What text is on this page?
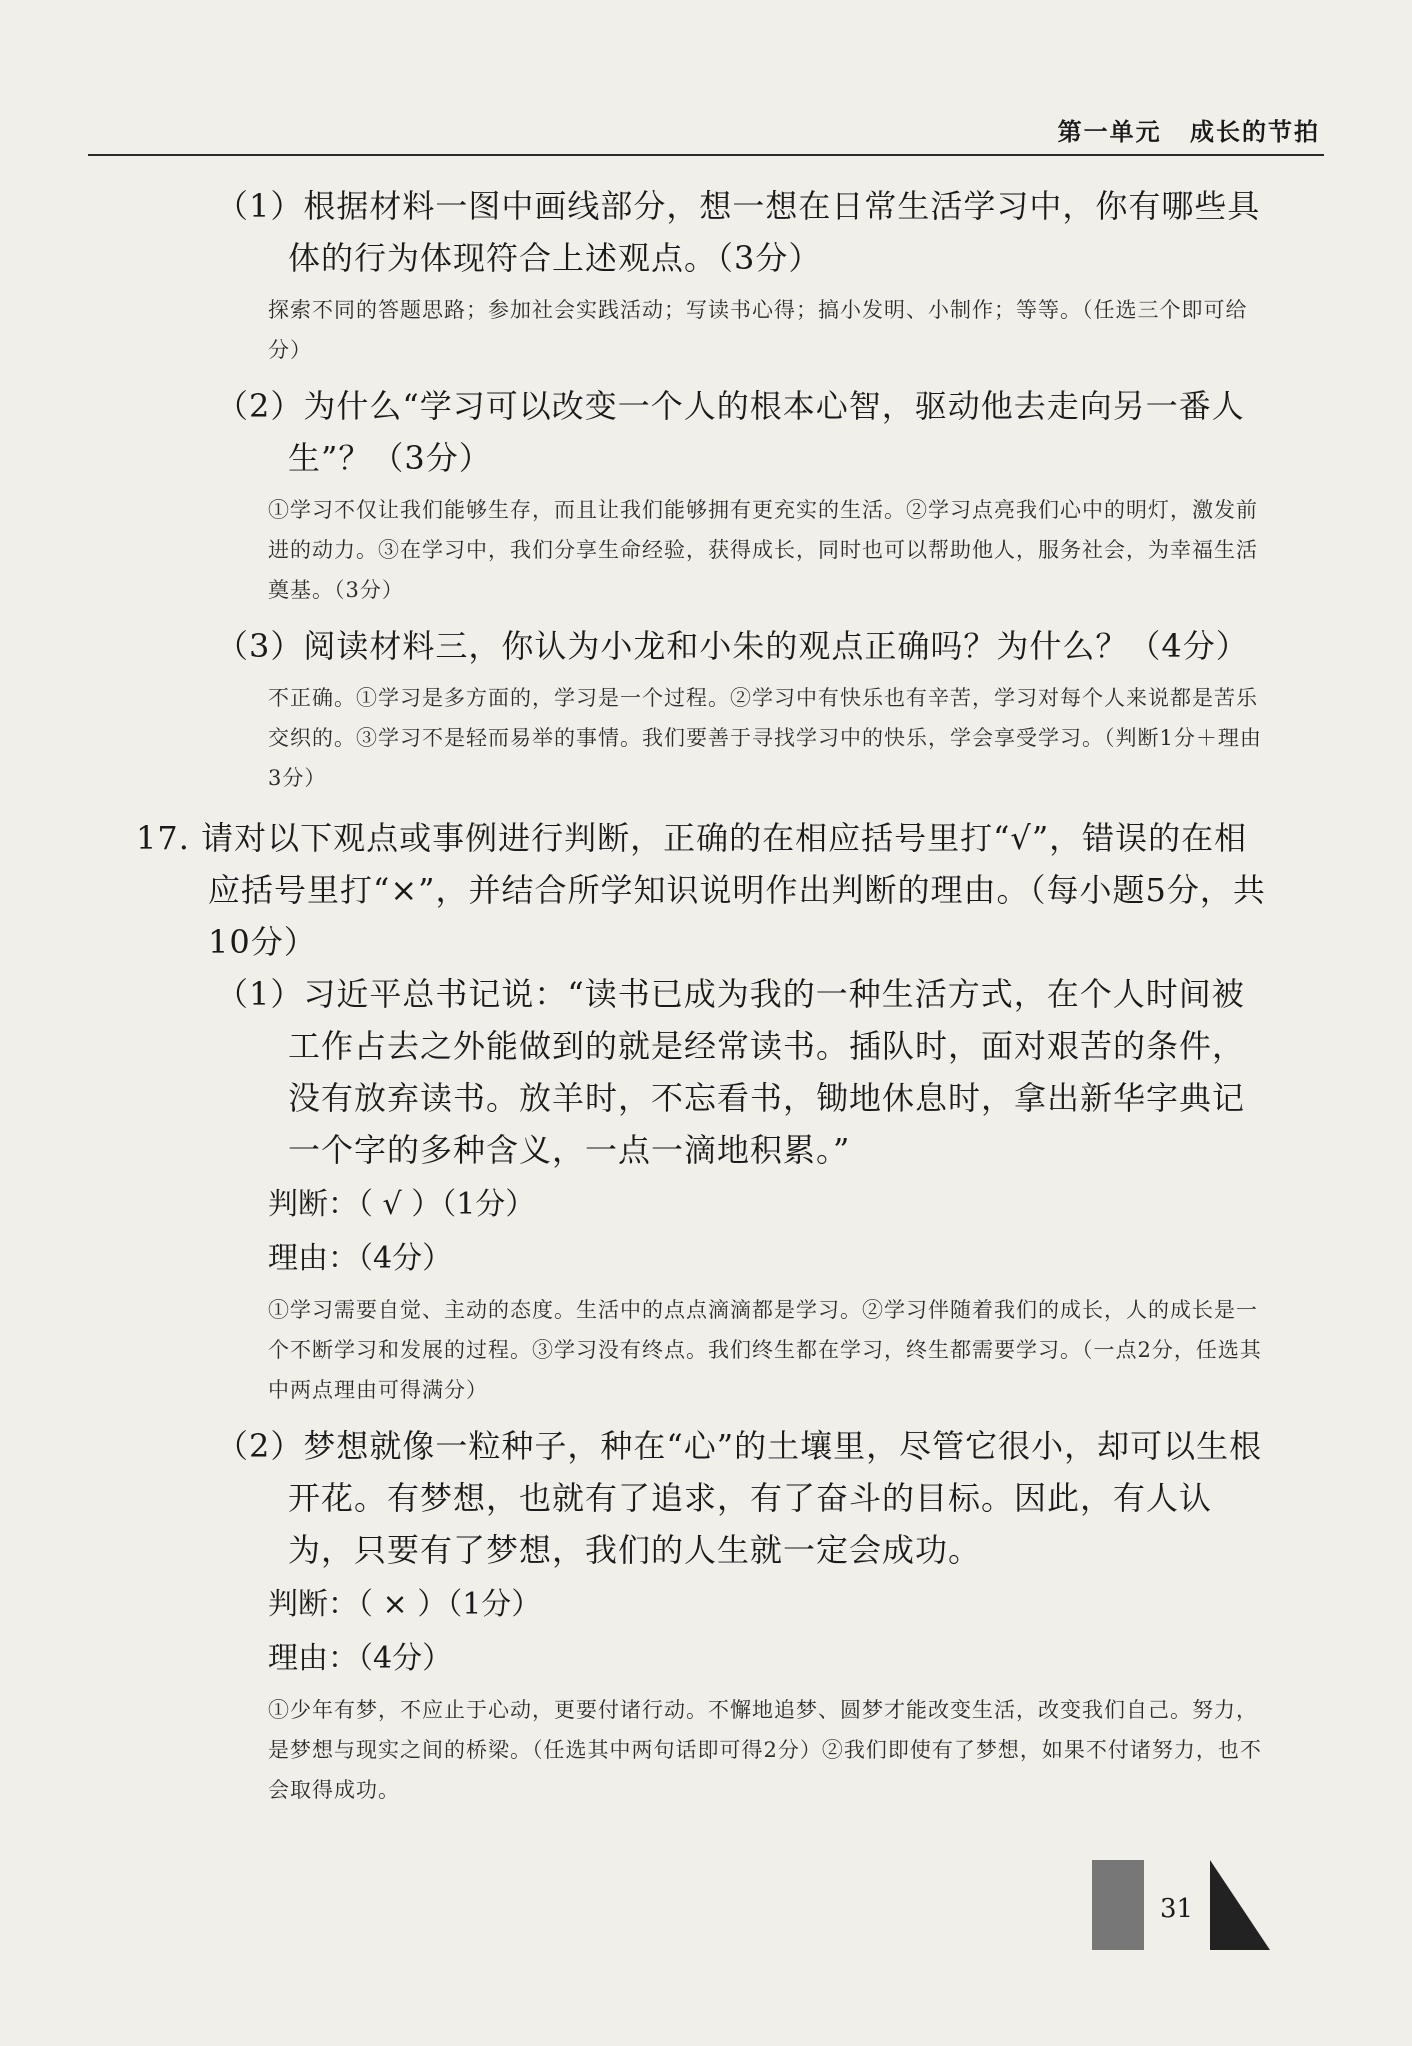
第一单元 成长的节拍

（1）根据材料一图中画线部分，想一想在日常生活学习中，你有哪些具体的行为体现符合上述观点。（3分）

探索不同的答题思路；参加社会实践活动；写读书心得；搞小发明、小制作；等等。（任选三个即可给分）

（2）为什么“学习可以改变一个人的根本心智，驱动他去走向另一番人生”？（3分）

①学习不仅让我们能够生存，而且让我们能够拥有更充实的生活。②学习点亮我们心中的明灯，激发前进的动力。③在学习中，我们分享生命经验，获得成长，同时也可以帮助他人，服务社会，为幸福生活奠基。（3分）

（3）阅读材料三，你认为小龙和小朱的观点正确吗？为什么？（4分）

不正确。①学习是多方面的，学习是一个过程。②学习中有快乐也有辛苦，学习对每个人来说都是苦乐交织的。③学习不是轻而易举的事情。我们要善于寻找学习中的快乐，学会享受学习。（判断1分＋理由3分）

17. 请对以下观点或事例进行判断，正确的在相应括号里打“√”，错误的在相应括号里打“×”，并结合所学知识说明作出判断的理由。（每小题5分，共10分）

（1）习近平总书记说：“读书已成为我的一种生活方式，在个人时间被工作占去之外能做到的就是经常读书。插队时，面对艰苦的条件，没有放弃读书。放羊时，不忘看书，锄地休息时，拿出新华字典记一个字的多种含义，一点一滴地积累。”

判断：（ √ ）（1分）

理由：（4分）

①学习需要自觉、主动的态度。生活中的点点滴滴都是学习。②学习伴随着我们的成长，人的成长是一个不断学习和发展的过程。③学习没有终点。我们终生都在学习，终生都需要学习。（一点2分，任选其中两点理由可得满分）

（2）梦想就像一粒种子，种在“心”的土壤里，尽管它很小，却可以生根开花。有梦想，也就有了追求，有了奋斗的目标。因此，有人认为，只要有了梦想，我们的人生就一定会成功。

判断：（ × ）（1分）

理由：（4分）

①少年有梦，不应止于心动，更要付诸行动。不懈地追梦、圆梦才能改变生活，改变我们自己。努力，是梦想与现实之间的桥梁。（任选其中两句话即可得2分）②我们即使有了梦想，如果不付诸努力，也不会取得成功。

31
